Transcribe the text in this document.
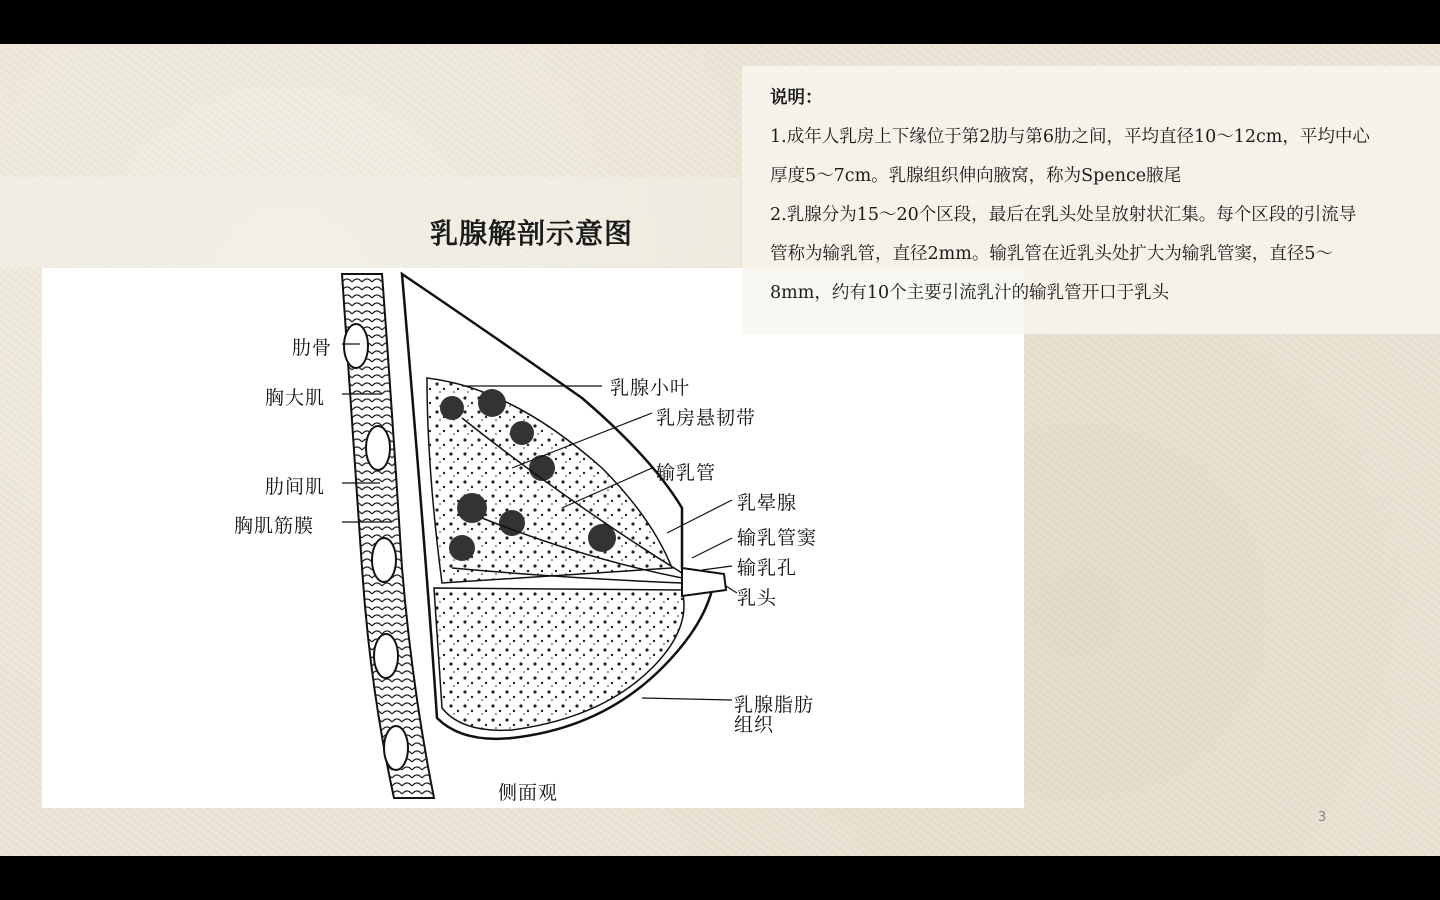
乳腺解剖示意图
肋骨
胸大肌
肋间肌
胸肌筋膜
乳腺小叶
乳房悬韧带
输乳管
乳晕腺
输乳管窦
输乳孔
乳头
乳腺脂肪
组织
侧面观
说明：
1.成年人乳房上下缘位于第2肋与第6肋之间，平均直径10～12cm，平均中心
厚度5～7cm。乳腺组织伸向腋窝，称为Spence腋尾
2.乳腺分为15～20个区段，最后在乳头处呈放射状汇集。每个区段的引流导
管称为输乳管，直径2mm。输乳管在近乳头处扩大为输乳管窦，直径5～
8mm，约有10个主要引流乳汁的输乳管开口于乳头
3
